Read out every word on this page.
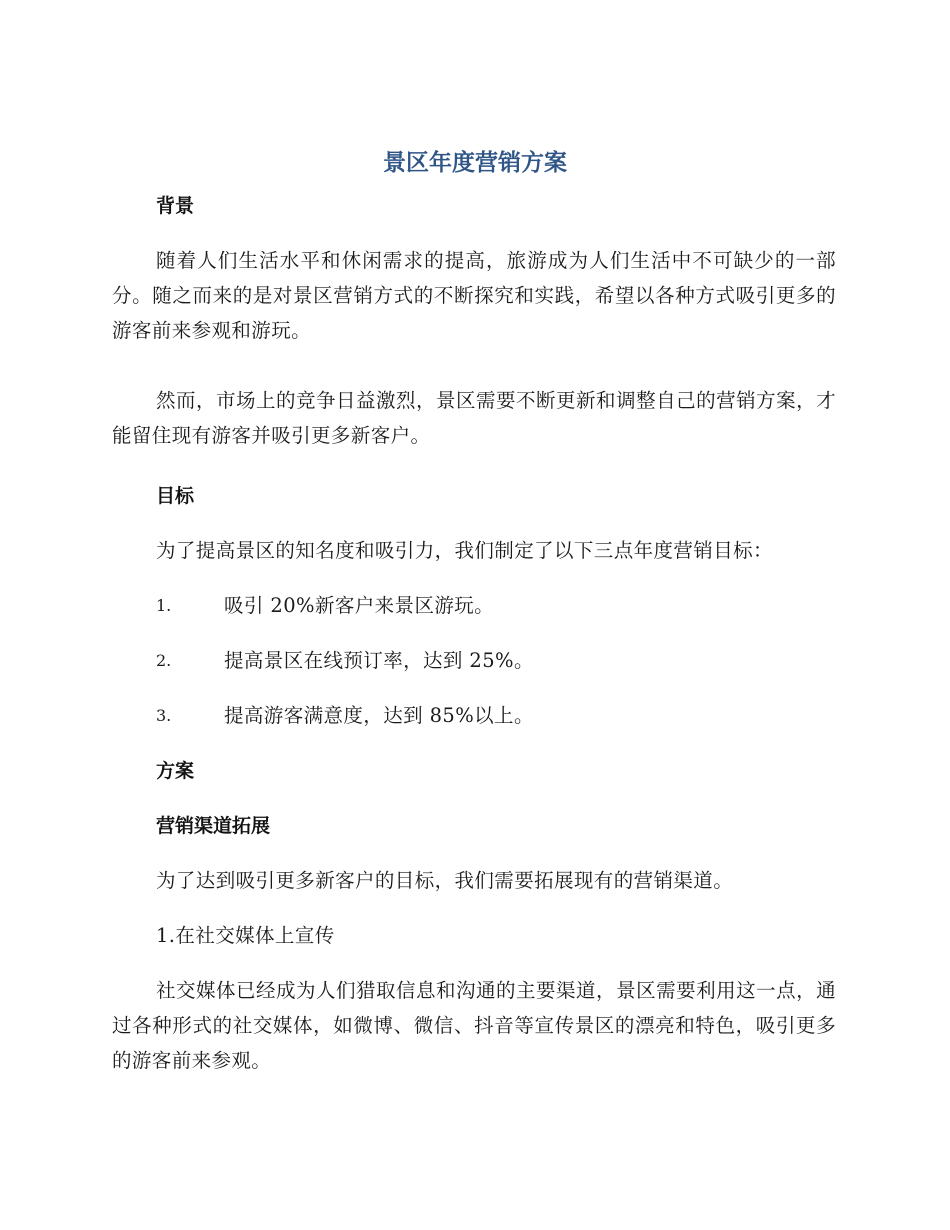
景区年度营销方案
背景
随着人们生活水平和休闲需求的提高，旅游成为人们生活中不可缺少的一部分。随之而来的是对景区营销方式的不断探究和实践，希望以各种方式吸引更多的游客前来参观和游玩。
然而，市场上的竞争日益激烈，景区需要不断更新和调整自己的营销方案，才能留住现有游客并吸引更多新客户。
目标
为了提高景区的知名度和吸引力，我们制定了以下三点年度营销目标：
1.	吸引 20%新客户来景区游玩。
2.	提高景区在线预订率，达到 25%。
3.	提高游客满意度，达到 85%以上。
方案
营销渠道拓展
为了达到吸引更多新客户的目标，我们需要拓展现有的营销渠道。
1.在社交媒体上宣传
社交媒体已经成为人们猎取信息和沟通的主要渠道，景区需要利用这一点，通过各种形式的社交媒体，如微博、微信、抖音等宣传景区的漂亮和特色，吸引更多的游客前来参观。
